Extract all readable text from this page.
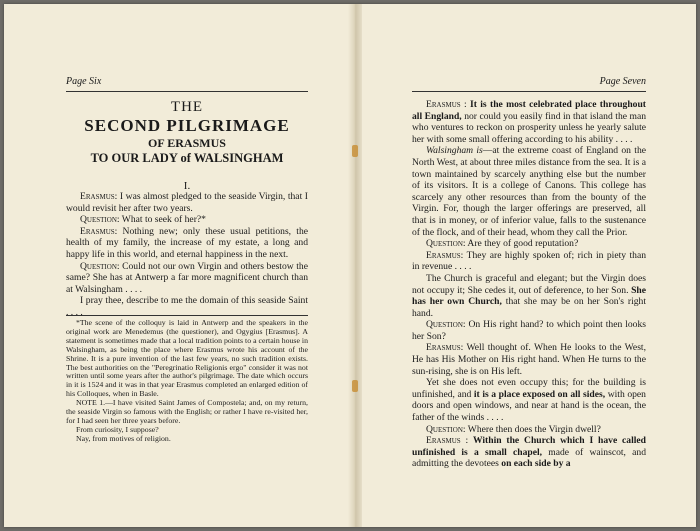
Page Six
THE
SECOND PILGRIMAGE
OF ERASMUS
TO OUR LADY of WALSINGHAM
I.

Erasmus: I was almost pledged to the seaside Virgin, that I would revisit her after two years.

Question: What to seek of her?*

Erasmus: Nothing new; only these usual petitions, the health of my family, the increase of my estate, a long and happy life in this world, and eternal happiness in the next.

Question: Could not our own Virgin and others bestow the same? She has at Antwerp a far more magnificent church than at Walsingham . . . .

I pray thee, describe to me the domain of this seaside Saint . . . .

*The scene of the colloquy is laid in Antwerp and the speakers in the original work are Menedemus (the questioner), and Ogygius [Erasmus]. A statement is sometimes made that a local tradition points to a certain house in Walsingham, as being the place where Erasmus wrote his account of the Shrine. It is a pure invention of the last few years, no such tradition exists. The best authorities on the "Peregrinatio Religionis ergo" consider it was not written until some years after the author's pilgrimage. The date which occurs in it is 1524 and it was in that year Erasmus completed an enlarged edition of his Colloques, when in Basle.

NOTE 1.—I have visited Saint James of Compostela; and, on my return, the seaside Virgin so famous with the English; or rather I have re-visited her, for I had seen her three years before.

From curiosity, I suppose?

Nay, from motives of religion.

Page Seven

Erasmus : It is the most celebrated place throughout all England, nor could you easily find in that island the man who ventures to reckon on prosperity unless he yearly salute her with some small offering according to his ability . . . .

Walsingham is—at the extreme coast of England on the North West, at about three miles distance from the sea. It is a town maintained by scarcely anything else but the number of its visitors. It is a college of Canons. This college has scarcely any other resources than from the bounty of the Virgin. For, though the larger offerings are preserved, all that is in money, or of inferior value, falls to the sustenance of the flock, and of their head, whom they call the Prior.

Question: Are they of good reputation?

Erasmus: They are highly spoken of; rich in piety than in revenue . . . .

The Church is graceful and elegant; but the Virgin does not occupy it; She cedes it, out of deference, to her Son. She has her own Church, that she may be on her Son's right hand.

Question: On His right hand? to which point then looks her Son?

Erasmus: Well thought of. When He looks to the West, He has His Mother on His right hand. When He turns to the sun-rising, she is on His left.

Yet she does not even occupy this; for the building is unfinished, and it is a place exposed on all sides, with open doors and open windows, and near at hand is the ocean, the father of the winds . . . .

Question: Where then does the Virgin dwell?

Erasmus : Within the Church which I have called unfinished is a small chapel, made of wainscot, and admitting the devotees on each side by a
